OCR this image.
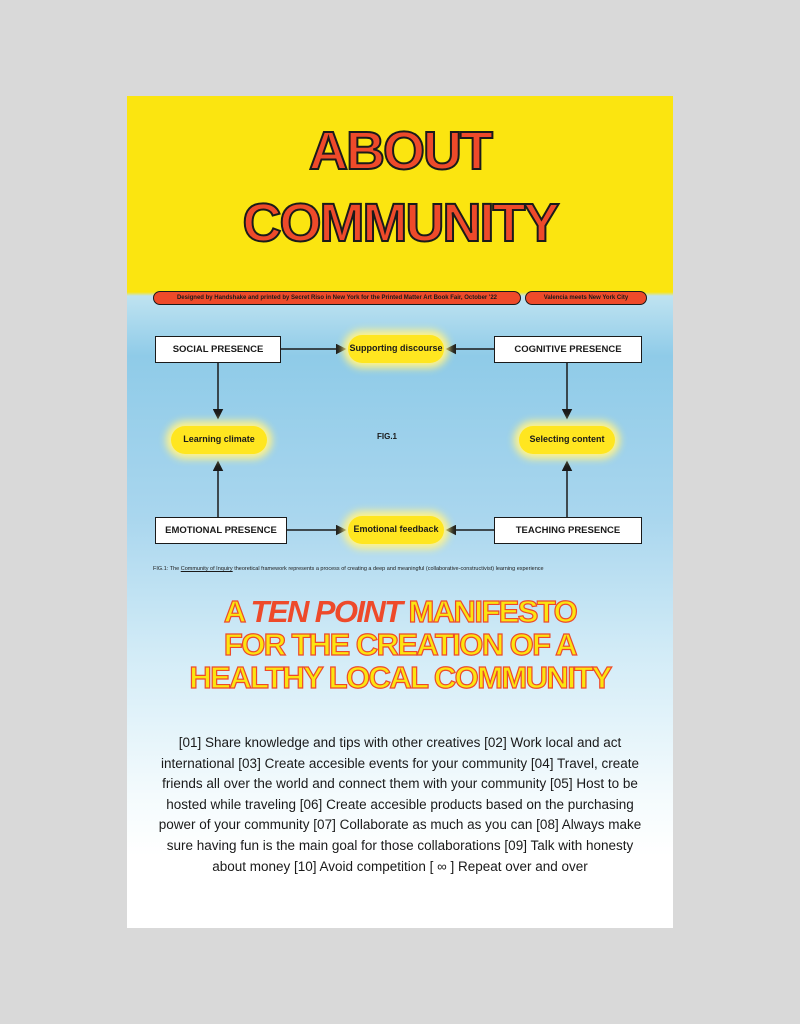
ABOUT
COMMUNITY
Designed by Handshake and printed by Secret Riso in New York for the Printed Matter Art Book Fair, October '22	Valencia meets New York City
SOCIAL PRESENCE	COGNITIVE PRESENCE
EMOTIONAL PRESENCE	TEACHING PRESENCE
Supporting discourse
Learning climate	Selecting content
Emotional feedback
FIG.1
FIG.1: The Community of Inquiry theoretical framework represents a process of creating a deep and meaningful (collaborative-constructivist) learning experience
A TEN POINT MANIFESTO
FOR THE CREATION OF A
HEALTHY LOCAL COMMUNITY
[01] Share knowledge and tips with other creatives [02] Work local and act international [03] Create accesible events for your community [04] Travel, create friends all over the world and connect them with your community [05] Host to be hosted while traveling [06] Create accesible products based on the purchasing power of your community [07] Collaborate as much as you can [08] Always make sure having fun is the main goal for those collaborations [09] Talk with honesty about money [10] Avoid competition [ ∞ ] Repeat over and over
